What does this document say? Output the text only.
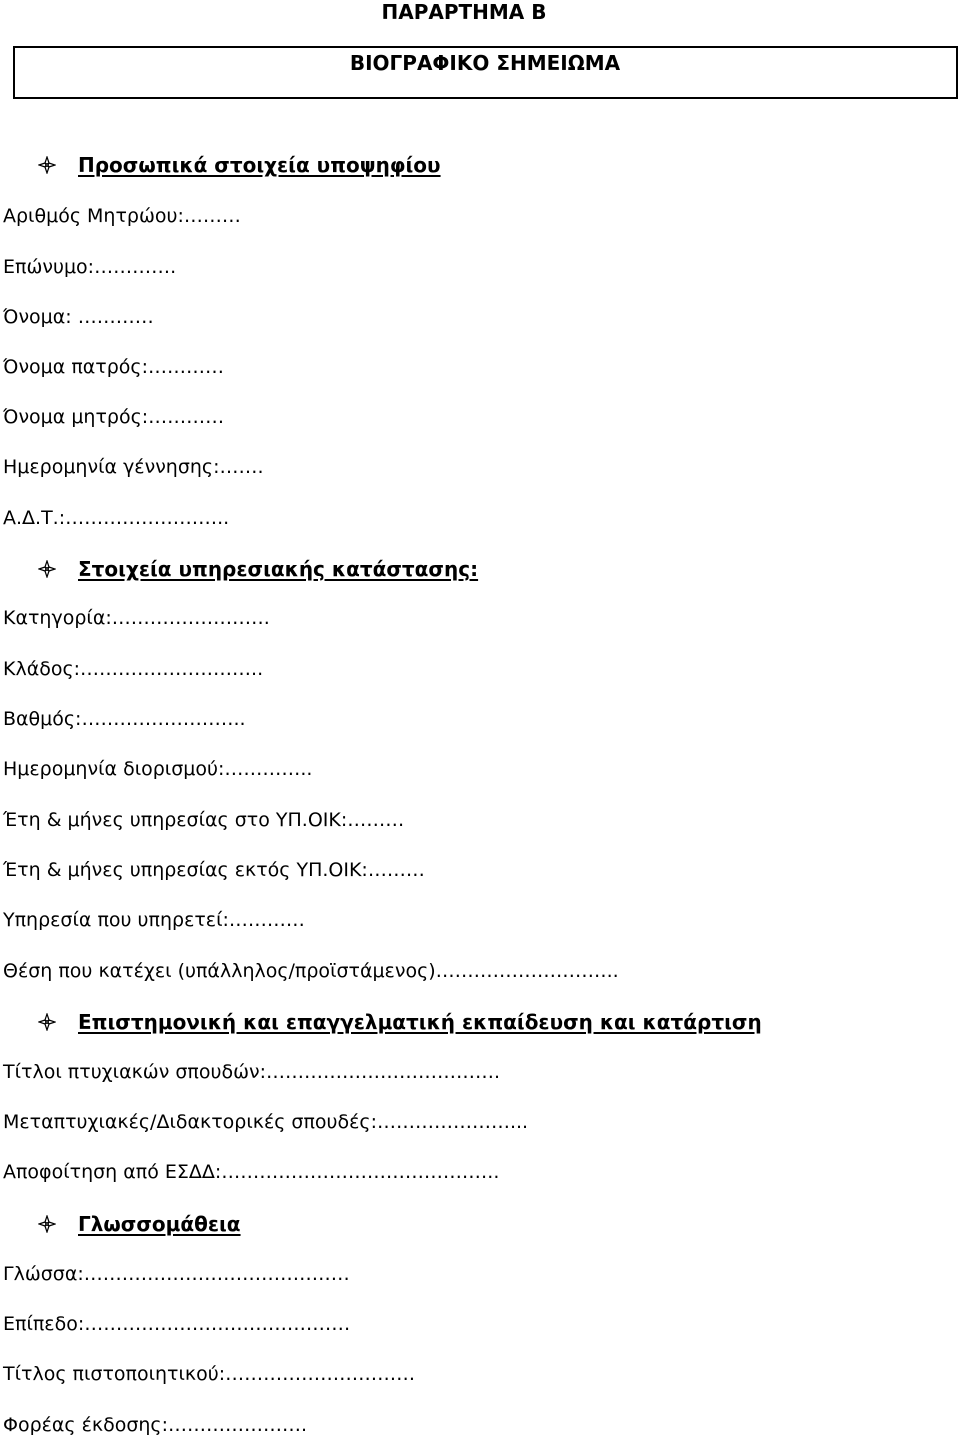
ΠΑΡΑΡΤΗΜΑ Β
ΒΙΟΓΡΑΦΙΚΟ ΣΗΜΕΙΩΜΑ
Προσωπικά στοιχεία υποψηφίου
Αριθμός Μητρώου:………
Επώνυμο:………….
Όνομα: …………
Όνομα πατρός:…………
Όνομα μητρός:…………
Ημερομηνία γέννησης:…….
Α.Δ.Τ.:……………………..
Στοιχεία υπηρεσιακής κατάστασης:
Κατηγορία:…………………….
Κλάδος:………………………..
Βαθμός:……………………..
Ημερομηνία διορισμού:…………..
Έτη & μήνες υπηρεσίας στο ΥΠ.ΟΙΚ:………
Έτη & μήνες υπηρεσίας εκτός ΥΠ.ΟΙΚ:………
Υπηρεσία που υπηρετεί:…………
Θέση που κατέχει (υπάλληλος/προϊστάμενος)………………………..
Επιστημονική και επαγγελματική εκπαίδευση και κατάρτιση
Τίτλοι πτυχιακών σπουδών:……………………………….
Μεταπτυχιακές/Διδακτορικές σπουδές:…………………...
Αποφοίτηση από ΕΣΔΔ:……………………………………..
Γλωσσομάθεια
Γλώσσα:……………………………………
Επίπεδο:……………………………………
Τίτλος πιστοποιητικού:…………………………
Φορέας έκδοσης:………………….
